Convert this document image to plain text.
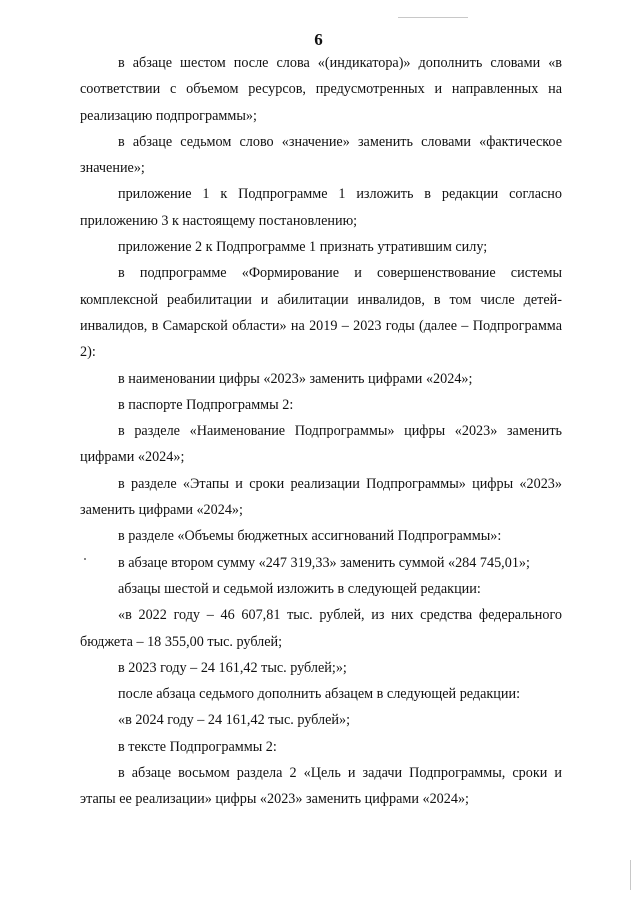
6

в абзаце шестом после слова «(индикатора)» дополнить словами «в соответствии с объемом ресурсов, предусмотренных и направленных на реализацию подпрограммы»;

в абзаце седьмом слово «значение» заменить словами «фактическое значение»;

приложение 1 к Подпрограмме 1 изложить в редакции согласно приложению 3 к настоящему постановлению;

приложение 2 к Подпрограмме 1 признать утратившим силу;

в подпрограмме «Формирование и совершенствование системы комплексной реабилитации и абилитации инвалидов, в том числе детей-инвалидов, в Самарской области» на 2019 – 2023 годы (далее – Подпрограмма 2):

в наименовании цифры «2023» заменить цифрами «2024»;

в паспорте Подпрограммы 2:

в разделе «Наименование Подпрограммы» цифры «2023» заменить цифрами «2024»;

в разделе «Этапы и сроки реализации Подпрограммы» цифры «2023» заменить цифрами «2024»;

в разделе «Объемы бюджетных ассигнований Подпрограммы»:

в абзаце втором сумму «247 319,33» заменить суммой «284 745,01»;

абзацы шестой и седьмой изложить в следующей редакции:

«в 2022 году – 46 607,81 тыс. рублей, из них средства федерального бюджета – 18 355,00 тыс. рублей;

в 2023 году – 24 161,42 тыс. рублей;»;

после абзаца седьмого дополнить абзацем в следующей редакции:

«в 2024 году – 24 161,42 тыс. рублей»;

в тексте Подпрограммы 2:

в абзаце восьмом раздела 2 «Цель и задачи Подпрограммы, сроки и этапы ее реализации» цифры «2023» заменить цифрами «2024»;
